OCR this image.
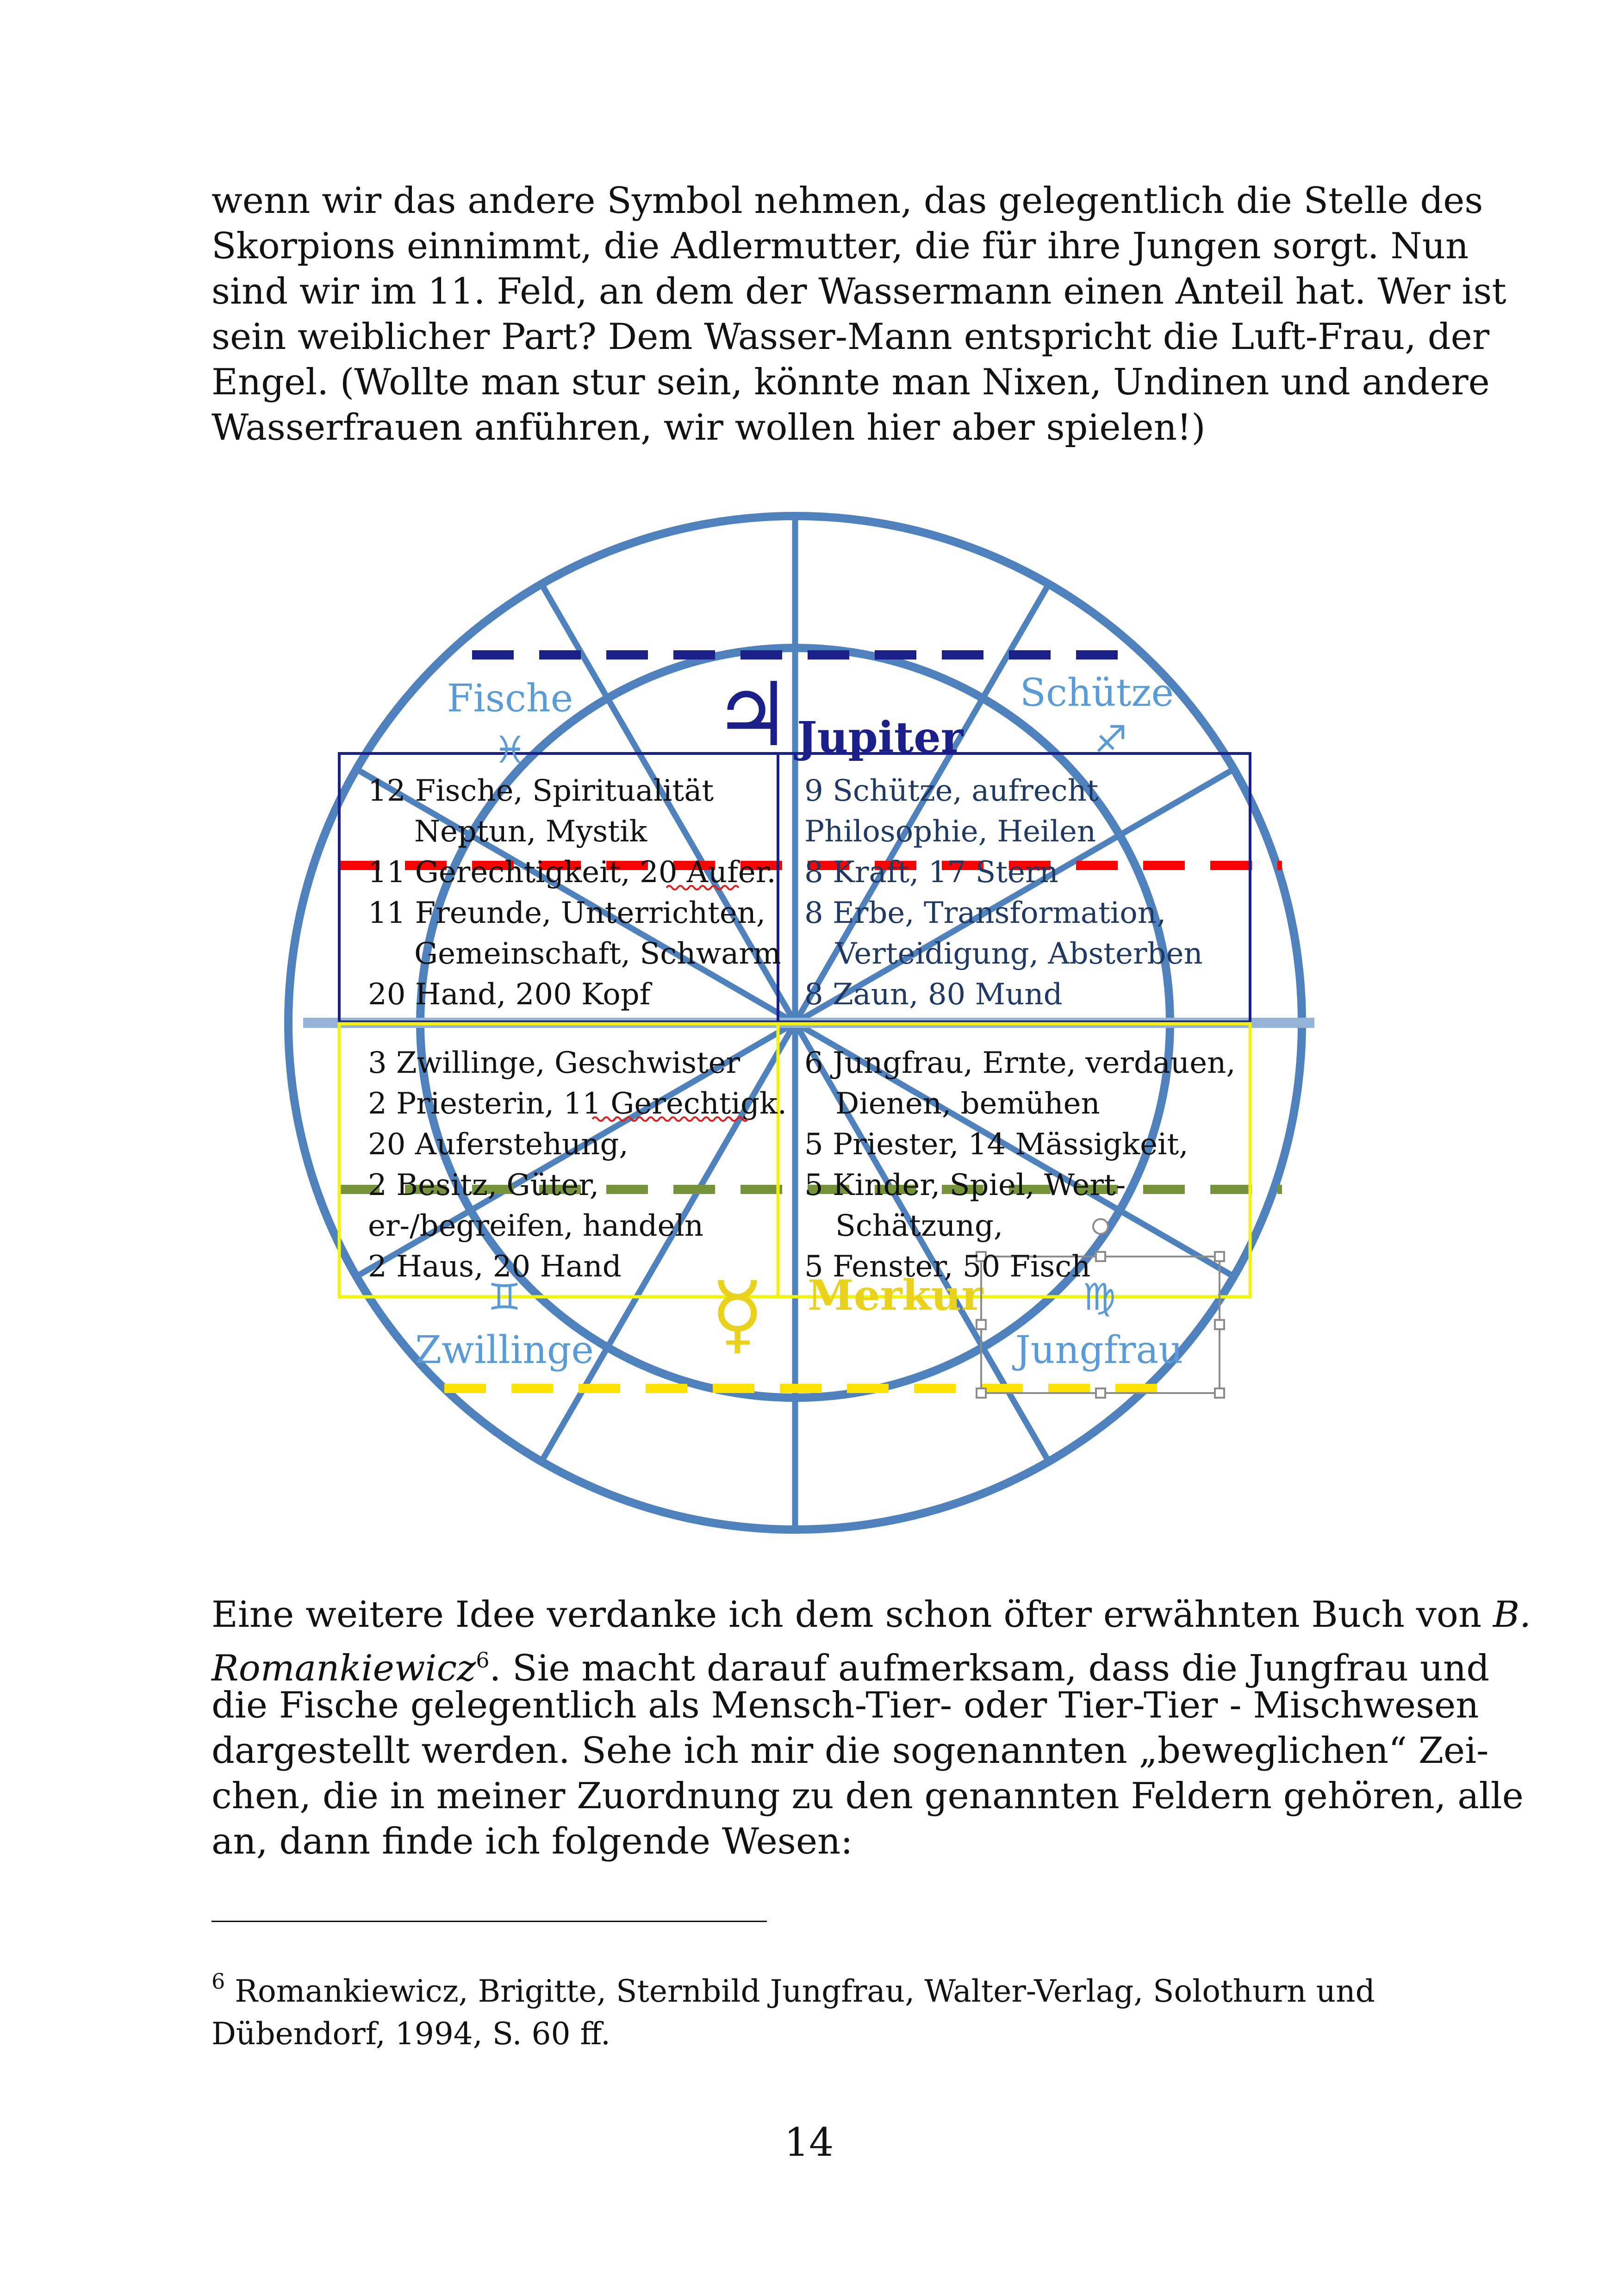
wenn wir das andere Symbol nehmen, das gelegentlich die Stelle des
Skorpions einnimmt, die Adlermutter, die für ihre Jungen sorgt. Nun
sind wir im 11. Feld, an dem der Wassermann einen Anteil hat. Wer ist
sein weiblicher Part? Dem Wasser-Mann entspricht die Luft-Frau, der
Engel. (Wollte man stur sein, könnte man Nixen, Undinen und andere
Wasserfrauen anführen, wir wollen hier aber spielen!)
♃ Jupiter
☿ Merkur
Fische
♓
Schütze
♐
♊
Zwillinge
♍
Jungfrau
12 Fische, Spiritualität
Neptun, Mystik
11 Gerechtigkeit, 20 Aufer.
11 Freunde, Unterrichten,
Gemeinschaft, Schwarm
20 Hand, 200 Kopf
3 Zwillinge, Geschwister
2 Priesterin, 11 Gerechtigk.
20 Auferstehung,
2 Besitz, Güter,
er-/begreifen, handeln
2 Haus, 20 Hand
6 Jungfrau, Ernte, verdauen,
Dienen, bemühen
5 Priester, 14 Mässigkeit,
5 Kinder, Spiel, Wert-
Schätzung,
5 Fenster, 50 Fisch
9 Schütze, aufrecht
Philosophie, Heilen
8 Kraft, 17 Stern
8 Erbe, Transformation,
Verteidigung, Absterben
8 Zaun, 80 Mund
Eine weitere Idee verdanke ich dem schon öfter erwähnten Buch von B.
Romankiewicz$^6$. Sie macht darauf aufmerksam, dass die Jungfrau und
die Fische gelegentlich als Mensch-Tier- oder Tier-Tier - Mischwesen
dargestellt werden. Sehe ich mir die sogenannten „beweglichen“ Zei-
chen, die in meiner Zuordnung zu den genannten Feldern gehören, alle
an, dann finde ich folgende Wesen:
$^6$ Romankiewicz, Brigitte, Sternbild Jungfrau, Walter-Verlag, Solothurn und
Dübendorf, 1994, S. 60 ff.
14
